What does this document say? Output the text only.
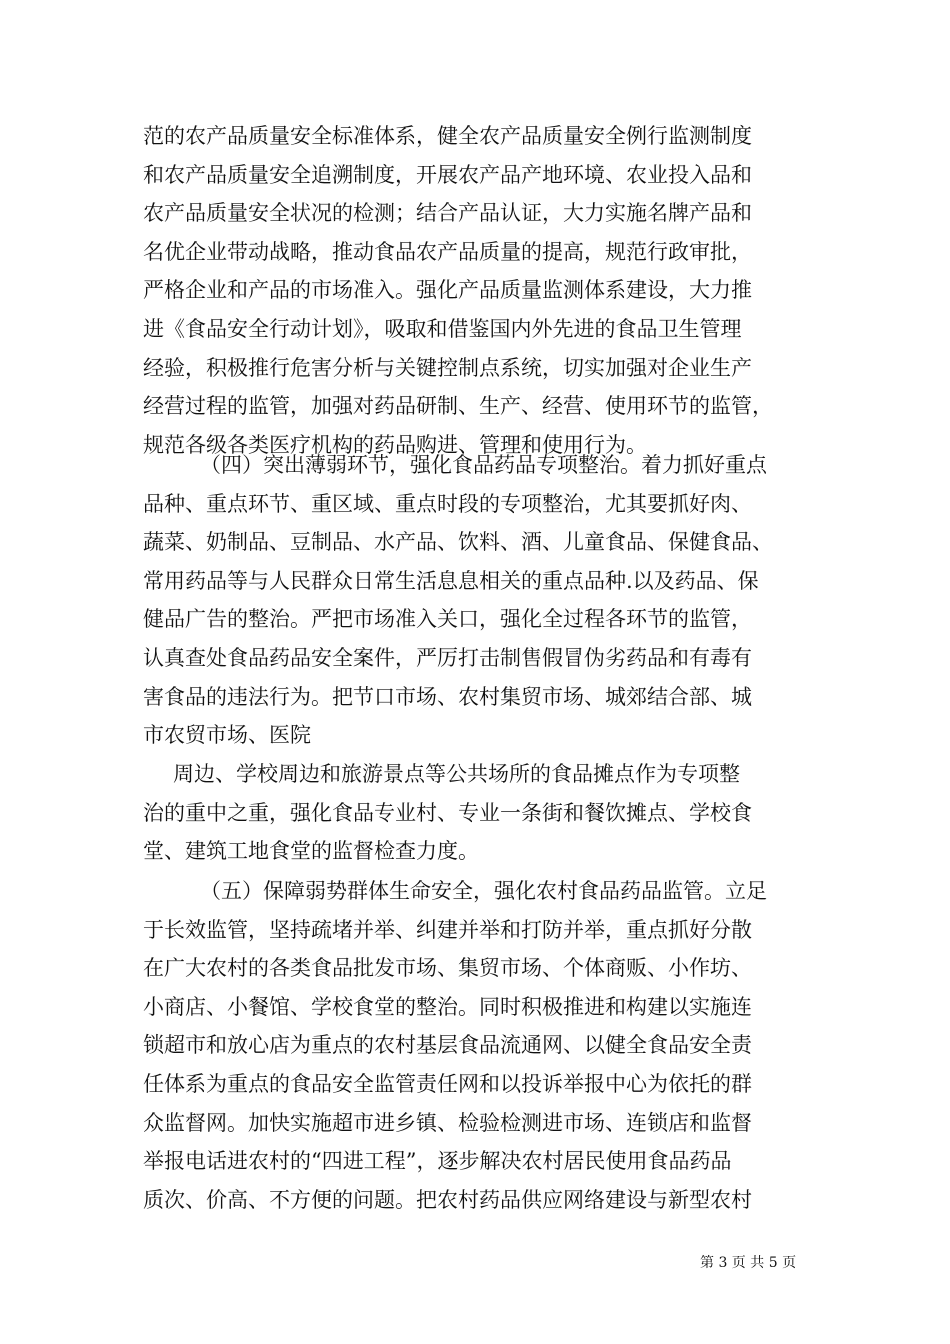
范的农产品质量安全标准体系，健全农产品质量安全例行监测制度
和农产品质量安全追溯制度，开展农产品产地环境、农业投入品和
农产品质量安全状况的检测；结合产品认证，大力实施名牌产品和
名优企业带动战略，推动食品农产品质量的提高，规范行政审批，
严格企业和产品的市场准入。强化产品质量监测体系建设，大力推
进《食品安全行动计划》，吸取和借鉴国内外先进的食品卫生管理
经验，积极推行危害分析与关键控制点系统，切实加强对企业生产
经营过程的监管，加强对药品研制、生产、经营、使用环节的监管，
规范各级各类医疗机构的药品购进、管理和使用行为。
（四）突出薄弱环节，强化食品药品专项整治。着力抓好重点
品种、重点环节、重区域、重点时段的专项整治，尤其要抓好肉、
蔬菜、奶制品、豆制品、水产品、饮料、酒、儿童食品、保健食品、
常用药品等与人民群众日常生活息息相关的重点品种.以及药品、保
健品广告的整治。严把市场准入关口，强化全过程各环节的监管，
认真查处食品药品安全案件，严厉打击制售假冒伪劣药品和有毒有
害食品的违法行为。把节口市场、农村集贸市场、城郊结合部、城
市农贸市场、医院
周边、学校周边和旅游景点等公共场所的食品摊点作为专项整
治的重中之重，强化食品专业村、专业一条街和餐饮摊点、学校食
堂、建筑工地食堂的监督检查力度。
（五）保障弱势群体生命安全，强化农村食品药品监管。立足
于长效监管，坚持疏堵并举、纠建并举和打防并举，重点抓好分散
在广大农村的各类食品批发市场、集贸市场、个体商贩、小作坊、
小商店、小餐馆、学校食堂的整治。同时积极推进和构建以实施连
锁超市和放心店为重点的农村基层食品流通网、以健全食品安全责
任体系为重点的食品安全监管责任网和以投诉举报中心为依托的群
众监督网。加快实施超市进乡镇、检验检测进市场、连锁店和监督
举报电话进农村的“四进工程”，逐步解决农村居民使用食品药品
质次、价高、不方便的问题。把农村药品供应网络建设与新型农村
第 3 页 共 5 页
